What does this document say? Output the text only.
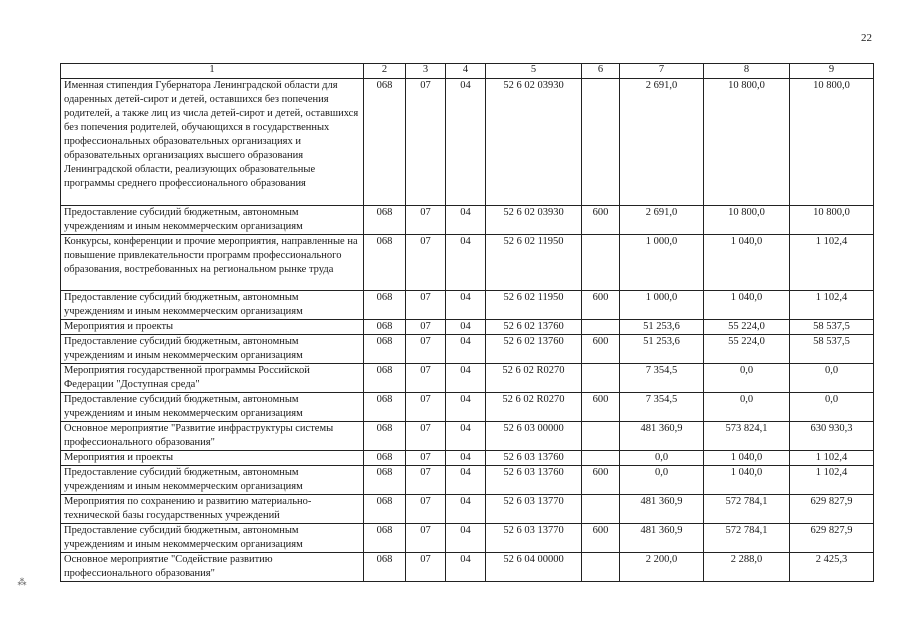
22
1	2	3	4	5	6	7	8	9
Именная стипендия Губернатора Ленинградской области для одаренных детей-сирот и детей, оставшихся без попечения родителей, а также лиц из числа детей-сирот и детей, оставшихся без попечения родителей, обучающихся в государственных профессиональных образовательных организациях и образовательных организациях высшего образования Ленинградской области, реализующих образовательные программы среднего профессионального образования	068	07	04	52 6 02 03930		2 691,0	10 800,0	10 800,0
Предоставление субсидий бюджетным, автономным учреждениям и иным некоммерческим организациям	068	07	04	52 6 02 03930	600	2 691,0	10 800,0	10 800,0
Конкурсы, конференции и прочие мероприятия, направленные на повышение привлекательности программ профессионального образования, востребованных на региональном рынке труда	068	07	04	52 6 02 11950		1 000,0	1 040,0	1 102,4
Предоставление субсидий бюджетным, автономным учреждениям и иным некоммерческим организациям	068	07	04	52 6 02 11950	600	1 000,0	1 040,0	1 102,4
Мероприятия и проекты	068	07	04	52 6 02 13760		51 253,6	55 224,0	58 537,5
Предоставление субсидий бюджетным, автономным учреждениям и иным некоммерческим организациям	068	07	04	52 6 02 13760	600	51 253,6	55 224,0	58 537,5
Мероприятия государственной программы Российской Федерации "Доступная среда"	068	07	04	52 6 02 R0270		7 354,5	0,0	0,0
Предоставление субсидий бюджетным, автономным учреждениям и иным некоммерческим организациям	068	07	04	52 6 02 R0270	600	7 354,5	0,0	0,0
Основное мероприятие "Развитие инфраструктуры системы профессионального образования"	068	07	04	52 6 03 00000		481 360,9	573 824,1	630 930,3
Мероприятия и проекты	068	07	04	52 6 03 13760		0,0	1 040,0	1 102,4
Предоставление субсидий бюджетным, автономным учреждениям и иным некоммерческим организациям	068	07	04	52 6 03 13760	600	0,0	1 040,0	1 102,4
Мероприятия по сохранению и развитию материально-технической базы государственных учреждений	068	07	04	52 6 03 13770		481 360,9	572 784,1	629 827,9
Предоставление субсидий бюджетным, автономным учреждениям и иным некоммерческим организациям	068	07	04	52 6 03 13770	600	481 360,9	572 784,1	629 827,9
Основное мероприятие "Содействие развитию профессионального образования"	068	07	04	52 6 04 00000		2 200,0	2 288,0	2 425,3
⁂
